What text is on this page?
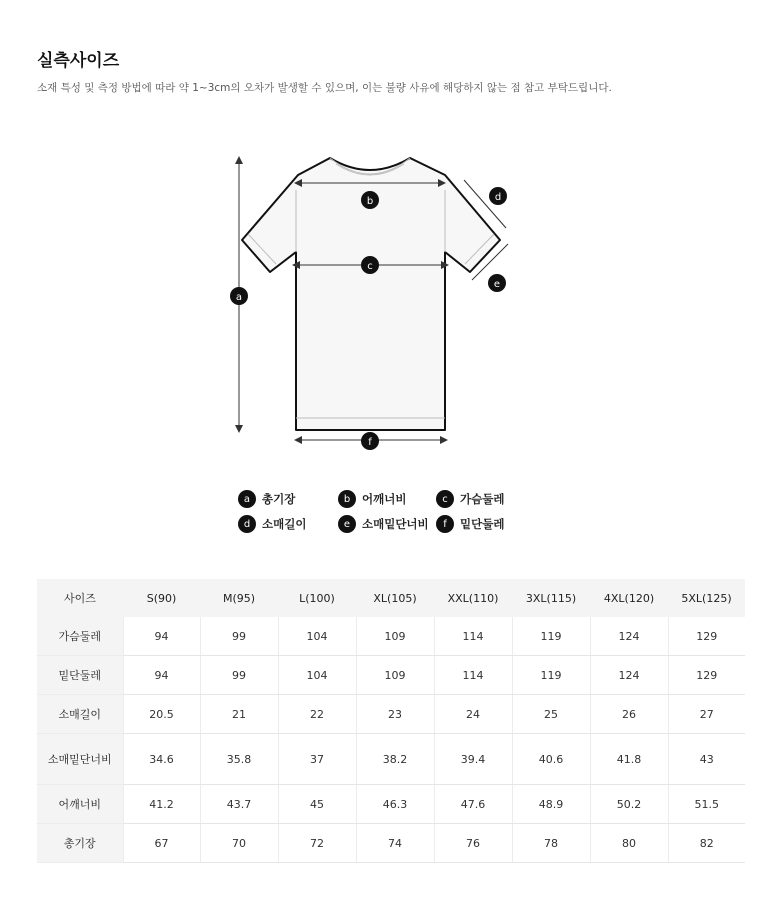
실측사이즈

소재 특성 및 측정 방법에 따라 약 1~3cm의 오차가 발생할 수 있으며, 이는 불량 사유에 해당하지 않는 점 참고 부탁드립니다.

a
b
c
d
e
f
a	총기장	b	어깨너비	c	가슴둘레
d	소매길이	e	소매밑단너비	f	밑단둘레
사이즈	S(90)	M(95)	L(100)	XL(105)	XXL(110)	3XL(115)	4XL(120)	5XL(125)
가슴둘레	94	99	104	109	114	119	124	129
밑단둘레	94	99	104	109	114	119	124	129
소매길이	20.5	21	22	23	24	25	26	27
소매밑단너비	34.6	35.8	37	38.2	39.4	40.6	41.8	43
어깨너비	41.2	43.7	45	46.3	47.6	48.9	50.2	51.5
총기장	67	70	72	74	76	78	80	82
